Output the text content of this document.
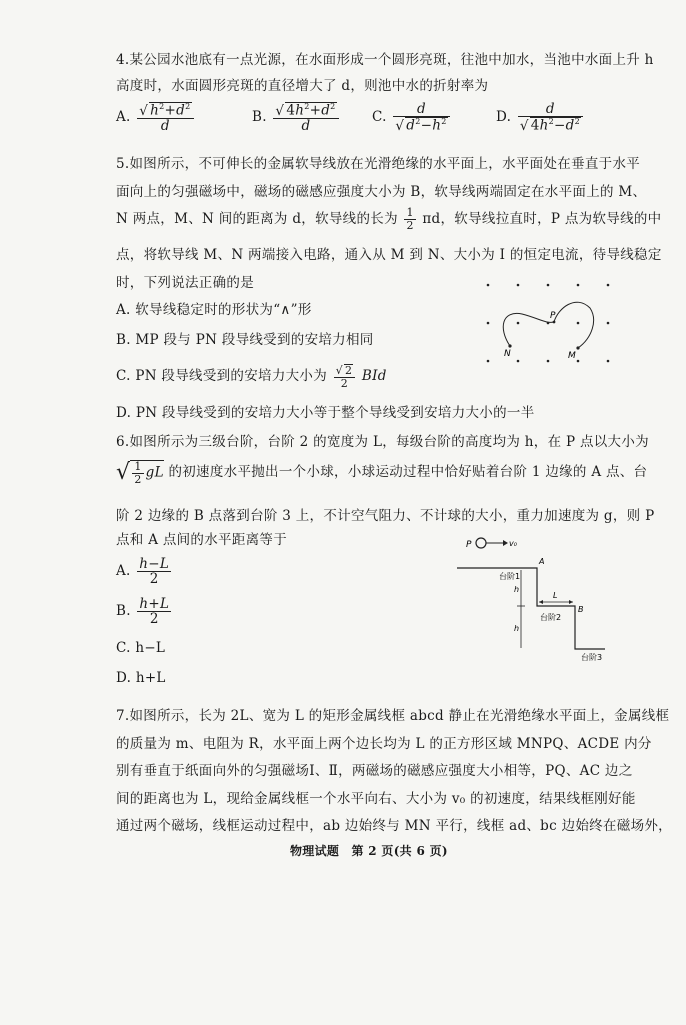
4.某公园水池底有一点光源，在水面形成一个圆形亮斑，往池中加水，当池中水面上升 h
高度时，水面圆形亮斑的直径增大了 d，则池中水的折射率为
A. √ $\frac{h^2+d^2}{d}$	B. √ $\frac{4h^2+d^2}{d} C$. d
√ $d^2-h^2$	D. d
√ $4h^2-d^2$
5.如图所示，不可伸长的金属软导线放在光滑绝缘的水平面上，水平面处在垂直于水平
面向上的匀强磁场中，磁场的磁感应强度大小为 B，软导线两端固定在水平面上的 M、
N 两点，M、N 间的距离为 d，软导线的长为 $\frac{1}{2}$ πd，软导线拉直时，P 点为软导线的中
点，将软导线 M、N 两端接入电路，通入从 M 到 N、大小为 I 的恒定电流，待导线稳定
时，下列说法正确的是
A. 软导线稳定时的形状为“∧”形
B. MP 段与 PN 段导线受到的安培力相同
C. PN 段导线受到的安培力大小为 √ $\frac{2}{2}$ BId
D. PN 段导线受到的安培力大小等于整个导线受到安培力大小的一半
P
N	M
6.如图所示为三级台阶，台阶 2 的宽度为 L，每级台阶的高度均为 h，在 P 点以大小为
√ $\frac{1}{2}$ gL 的初速度水平抛出一个小球，小球运动过程中恰好贴着台阶 1 边缘的 A 点、台
阶 2 边缘的 B 点落到台阶 3 上，不计空气阻力、不计球的大小，重力加速度为 g，则 P
点和 A 点间的水平距离等于
A. $\frac{h-L}{2}$
B. $\frac{h+L}{2}$
C. h−L
D. h+L
P	v₀
台阶1
台阶2
台阶3
A
B
h
h
L
7.如图所示，长为 2L、宽为 L 的矩形金属线框 abcd 静止在光滑绝缘水平面上，金属线框
的质量为 m、电阻为 R，水平面上两个边长均为 L 的正方形区域 MNPQ、ACDE 内分
别有垂直于纸面向外的匀强磁场Ⅰ、Ⅱ，两磁场的磁感应强度大小相等，PQ、AC 边之
间的距离也为 L，现给金属线框一个水平向右、大小为 v₀ 的初速度，结果线框刚好能
通过两个磁场，线框运动过程中，ab 边始终与 MN 平行，线框 ad、bc 边始终在磁场外，
物理试题　第 2 页(共 6 页)
